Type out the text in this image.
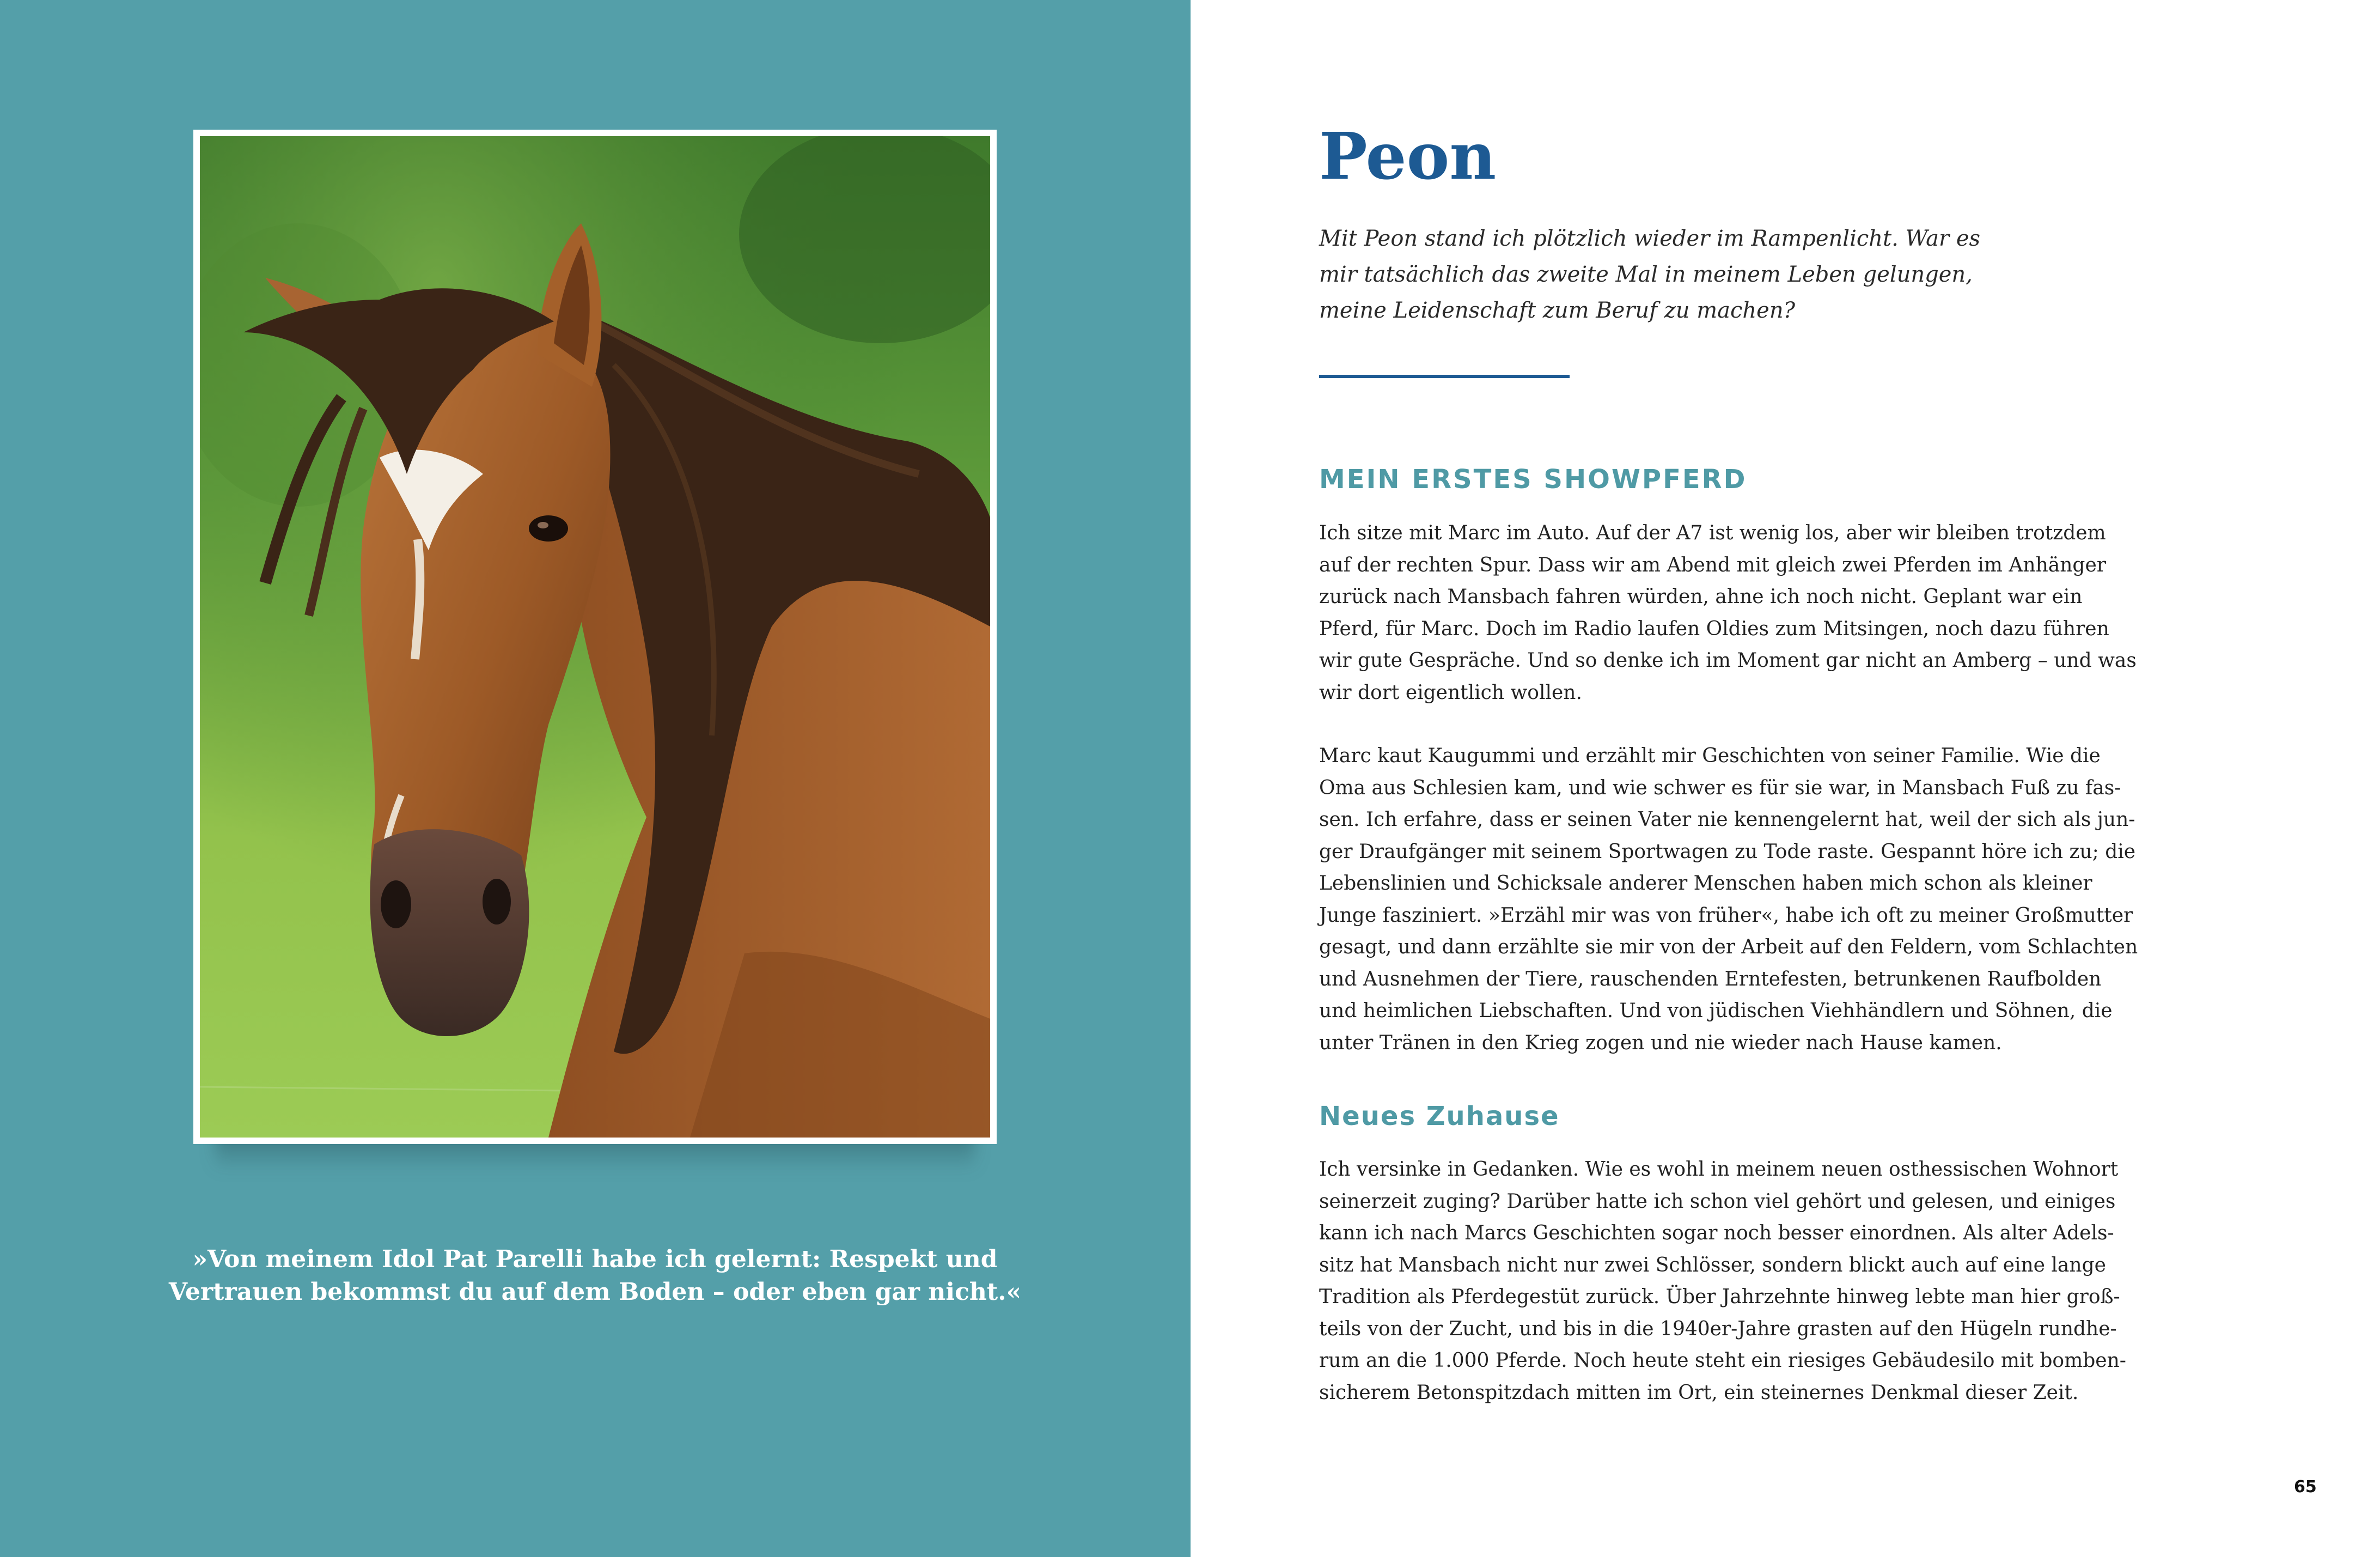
»Von meinem Idol Pat Parelli habe ich gelernt: Respekt und
Vertrauen bekommst du auf dem Boden – oder eben gar nicht.«
Peon
Mit Peon stand ich plötzlich wieder im Rampenlicht. War es
mir tatsächlich das zweite Mal in meinem Leben gelungen,
meine Leidenschaft zum Beruf zu machen?
MEIN ERSTES SHOWPFERD
Ich sitze mit Marc im Auto. Auf der A7 ist wenig los, aber wir bleiben trotzdem
auf der rechten Spur. Dass wir am Abend mit gleich zwei Pferden im Anhänger
zurück nach Mansbach fahren würden, ahne ich noch nicht. Geplant war ein
Pferd, für Marc. Doch im Radio laufen Oldies zum Mitsingen, noch dazu führen
wir gute Gespräche. Und so denke ich im Moment gar nicht an Amberg – und was
wir dort eigentlich wollen.
Marc kaut Kaugummi und erzählt mir Geschichten von seiner Familie. Wie die
Oma aus Schlesien kam, und wie schwer es für sie war, in Mansbach Fuß zu fas-
sen. Ich erfahre, dass er seinen Vater nie kennengelernt hat, weil der sich als jun-
ger Draufgänger mit seinem Sportwagen zu Tode raste. Gespannt höre ich zu; die
Lebenslinien und Schicksale anderer Menschen haben mich schon als kleiner
Junge fasziniert. »Erzähl mir was von früher«, habe ich oft zu meiner Großmutter
gesagt, und dann erzählte sie mir von der Arbeit auf den Feldern, vom Schlachten
und Ausnehmen der Tiere, rauschenden Erntefesten, betrunkenen Raufbolden
und heimlichen Liebschaften. Und von jüdischen Viehhändlern und Söhnen, die
unter Tränen in den Krieg zogen und nie wieder nach Hause kamen.
Neues Zuhause
Ich versinke in Gedanken. Wie es wohl in meinem neuen osthessischen Wohnort
seinerzeit zuging? Darüber hatte ich schon viel gehört und gelesen, und einiges
kann ich nach Marcs Geschichten sogar noch besser einordnen. Als alter Adels-
sitz hat Mansbach nicht nur zwei Schlösser, sondern blickt auch auf eine lange
Tradition als Pferdegestüt zurück. Über Jahrzehnte hinweg lebte man hier groß-
teils von der Zucht, und bis in die 1940er-Jahre grasten auf den Hügeln rundhe-
rum an die 1.000 Pferde. Noch heute steht ein riesiges Gebäudesilo mit bomben-
sicherem Betonspitzdach mitten im Ort, ein steinernes Denkmal dieser Zeit.
65
